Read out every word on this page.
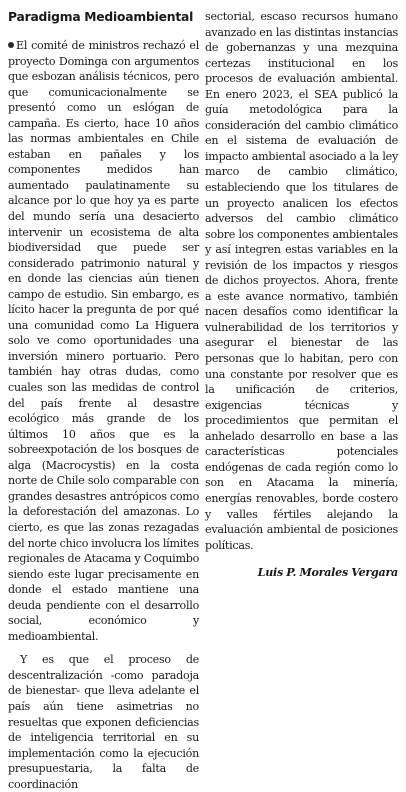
Paradigma Medioambiental

El comité de ministros rechazó el proyecto Dominga con argumentos que esbozan análisis técnicos, pero que comunicacionalmente se presentó como un eslógan de campaña. Es cierto, hace 10 años las normas ambientales en Chile estaban en pañales y los componentes medidos han aumentado paulatinamente su alcance por lo que hoy ya es parte del mundo sería una desacierto intervenir un ecosistema de alta biodiversidad que puede ser considerado patrimonio natural y en donde las ciencias aún tienen campo de estudio. Sin embargo, es lícito hacer la pregunta de por qué una comunidad como La Higuera solo ve como oportunidades una inversión minero portuario. Pero también hay otras dudas, como cuales son las medidas de control del país frente al desastre ecológico más grande de los últimos 10 años que es la sobreexpotación de los bosques de alga (Macrocystis) en la costa norte de Chile solo comparable con grandes desastres antrópicos como la deforestación del amazonas. Lo cierto, es que las zonas rezagadas del norte chico involucra los límites regionales de Atacama y Coquimbo siendo este lugar precisamente en donde el estado mantiene una deuda pendiente con el desarrollo social, económico y medioambiental.

Y es que el proceso de descentralización -como paradoja de bienestar- que lleva adelante el país aún tiene asimetrias no resueltas que exponen deficiencias de inteligencia territorial en su implementación como la ejecución presupuestaria, la falta de coordinación

sectorial, escaso recursos humano avanzado en las distintas instancias de gobernanzas y una mezquina certezas institucional en los procesos de evaluación ambiental. En enero 2023, el SEA publicó la guía metodológica para la consideración del cambio climático en el sistema de evaluación de impacto ambiental asociado a la ley marco de cambio climático, estableciendo que los titulares de un proyecto analicen los efectos adversos del cambio climático sobre los componentes ambientales y así integren estas variables en la revisión de los impactos y riesgos de dichos proyectos. Ahora, frente a este avance normativo, también nacen desafíos como identificar la vulnerabilidad de los territorios y asegurar el bienestar de las personas que lo habitan, pero con una constante por resolver que es la unificación de criterios, exigencias técnicas y procedimientos que permitan el anhelado desarrollo en base a las características potenciales endógenas de cada región como lo son en Atacama la minería, energías renovables, borde costero y valles fértiles alejando la evaluación ambiental de posiciones políticas.

Luis P. Morales Vergara
